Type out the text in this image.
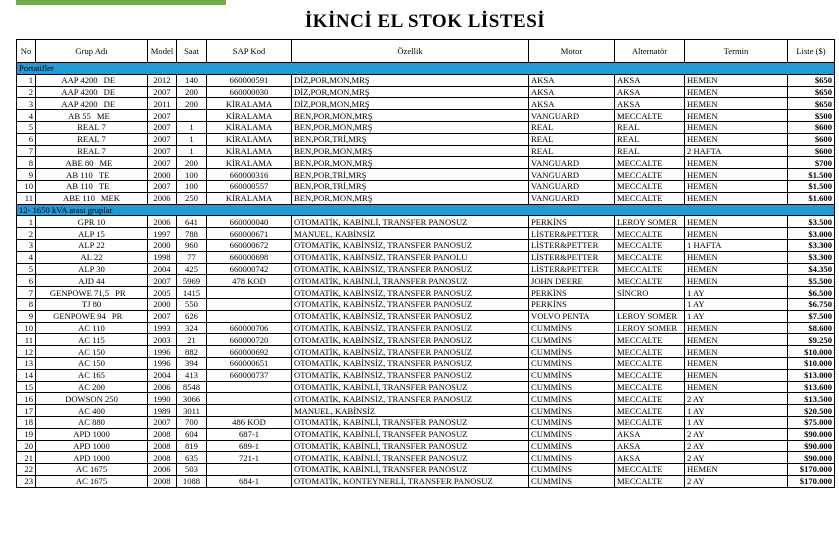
İKİNCİ EL STOK LİSTESİ
No	Grup Adı	Model	Saat	SAP Kod	Özellik	Motor	Alternatör	Termin	Liste ($)
Portatifler									
1	AAP 4200 DE	2012	140	660000591	DİZ,POR,MON,MRŞ	AKSA	AKSA	HEMEN	$650
2	AAP 4200 DE	2007	200	660000030	DİZ,POR,MON,MRŞ	AKSA	AKSA	HEMEN	$650
3	AAP 4200 DE	2011	200	KİRALAMA	DİZ,POR,MON,MRŞ	AKSA	AKSA	HEMEN	$650
4	AB 55 ME	2007		KİRALAMA	BEN,POR,MON,MRŞ	VANGUARD	MECCALTE	HEMEN	$500
5	REAL 7	2007	1	KİRALAMA	BEN,POR,MON,MRŞ	REAL	REAL	HEMEN	$600
6	REAL 7	2007	1	KİRALAMA	BEN,POR,TRİ,MRŞ	REAL	REAL	HEMEN	$600
7	REAL 7	2007	1	KİRALAMA	BEN,POR,MON,MRŞ	REAL	REAL	2 HAFTA	$600
8	ABE 80 ME	2007	200	KİRALAMA	BEN,POR,MON,MRŞ	VANGUARD	MECCALTE	HEMEN	$700
9	AB 110 TE	2000	100	660000316	BEN,POR,TRİ,MRŞ	VANGUARD	MECCALTE	HEMEN	$1.500
10	AB 110 TE	2007	100	660000557	BEN,POR,TRİ,MRŞ	VANGUARD	MECCALTE	HEMEN	$1.500
11	ABE 110 MEK	2006	250	KİRALAMA	BEN,POR,MON,MRŞ	VANGUARD	MECCALTE	HEMEN	$1.600
12- 1650 kVA arası gruplar									
1	GPR 10	2006	641	660000040	OTOMATİK, KABİNLİ, TRANSFER PANOSUZ	PERKİNS	LEROY SOMER	HEMEN	$3.500
2	ALP 15	1997	788	660000671	MANUEL, KABİNSİZ	LİSTER&PETTER	MECCALTE	HEMEN	$3.000
3	ALP 22	2000	960	660000672	OTOMATİK, KABİNSİZ, TRANSFER PANOSUZ	LİSTER&PETTER	MECCALTE	1 HAFTA	$3.300
4	AL 22	1998	77	660000698	OTOMATİK, KABİNSİZ, TRANSFER PANOLU	LİSTER&PETTER	MECCALTE	HEMEN	$3.300
5	ALP 30	2004	425	660000742	OTOMATİK, KABİNSİZ, TRANSFER PANOSUZ	LİSTER&PETTER	MECCALTE	HEMEN	$4.350
6	AJD 44	2007	5969	478 KOD	OTOMATİK, KABİNLİ, TRANSFER PANOSUZ	JOHN DEERE	MECCALTE	HEMEN	$5.500
7	GENPOWE 71,5 PR	2005	1415		OTOMATİK, KABİNSİZ, TRANSFER PANOSUZ	PERKİNS	SİNCRO	1 AY	$6.500
8	TJ 80	2000	550		OTOMATİK, KABİNSİZ, TRANSFER PANOSUZ	PERKİNS		1 AY	$6.750
9	GENPOWE 94 PR	2007	626		OTOMATİK, KABİNSİZ, TRANSFER PANOSUZ	VOLVO PENTA	LEROY SOMER	1 AY	$7.500
10	AC 110	1993	324	660000706	OTOMATİK, KABİNSİZ, TRANSFER PANOSUZ	CUMMİNS	LEROY SOMER	HEMEN	$8.600
11	AC 115	2003	21	660000720	OTOMATİK, KABİNSİZ, TRANSFER PANOSUZ	CUMMİNS	MECCALTE	HEMEN	$9.250
12	AC 150	1996	882	660000692	OTOMATİK, KABİNSİZ, TRANSFER PANOSUZ	CUMMİNS	MECCALTE	HEMEN	$10.000
13	AC 150	1996	394	660000651	OTOMATİK, KABİNSİZ, TRANSFER PANOSUZ	CUMMİNS	MECCALTE	HEMEN	$10.000
14	AC 165	2004	413	660000737	OTOMATİK, KABİNSİZ, TRANSFER PANOSUZ	CUMMİNS	MECCALTE	HEMEN	$13.000
15	AC 200	2006	8548		OTOMATİK, KABİNLİ, TRANSFER PANOSUZ	CUMMİNS	MECCALTE	HEMEN	$13.600
16	DOWSON 250	1990	3066		OTOMATİK, KABİNSİZ, TRANSFER PANOSUZ	CUMMİNS	MECCALTE	2 AY	$13.500
17	AC 400	1989	3011		MANUEL, KABİNSİZ	CUMMİNS	MECCALTE	1 AY	$20.500
18	AC 880	2007	700	486 KOD	OTOMATİK, KABİNLİ, TRANSFER PANOSUZ	CUMMİNS	MECCALTE	1 AY	$75.000
19	APD 1000	2008	604	687-1	OTOMATİK, KABİNLİ, TRANSFER PANOSUZ	CUMMİNS	AKSA	2 AY	$90.000
20	APD 1000	2008	819	689-1	OTOMATİK, KABİNLİ, TRANSFER PANOSUZ	CUMMİNS	AKSA	2 AY	$90.000
21	APD 1000	2008	635	721-1	OTOMATİK, KABİNLİ, TRANSFER PANOSUZ	CUMMİNS	AKSA	2 AY	$90.000
22	AC 1675	2006	503		OTOMATİK, KABİNLİ, TRANSFER PANOSUZ	CUMMİNS	MECCALTE	HEMEN	$170.000
23	AC 1675	2008	1088	684-1	OTOMATİK, KONTEYNERLİ, TRANSFER PANOSUZ	CUMMİNS	MECCALTE	2 AY	$170.000
